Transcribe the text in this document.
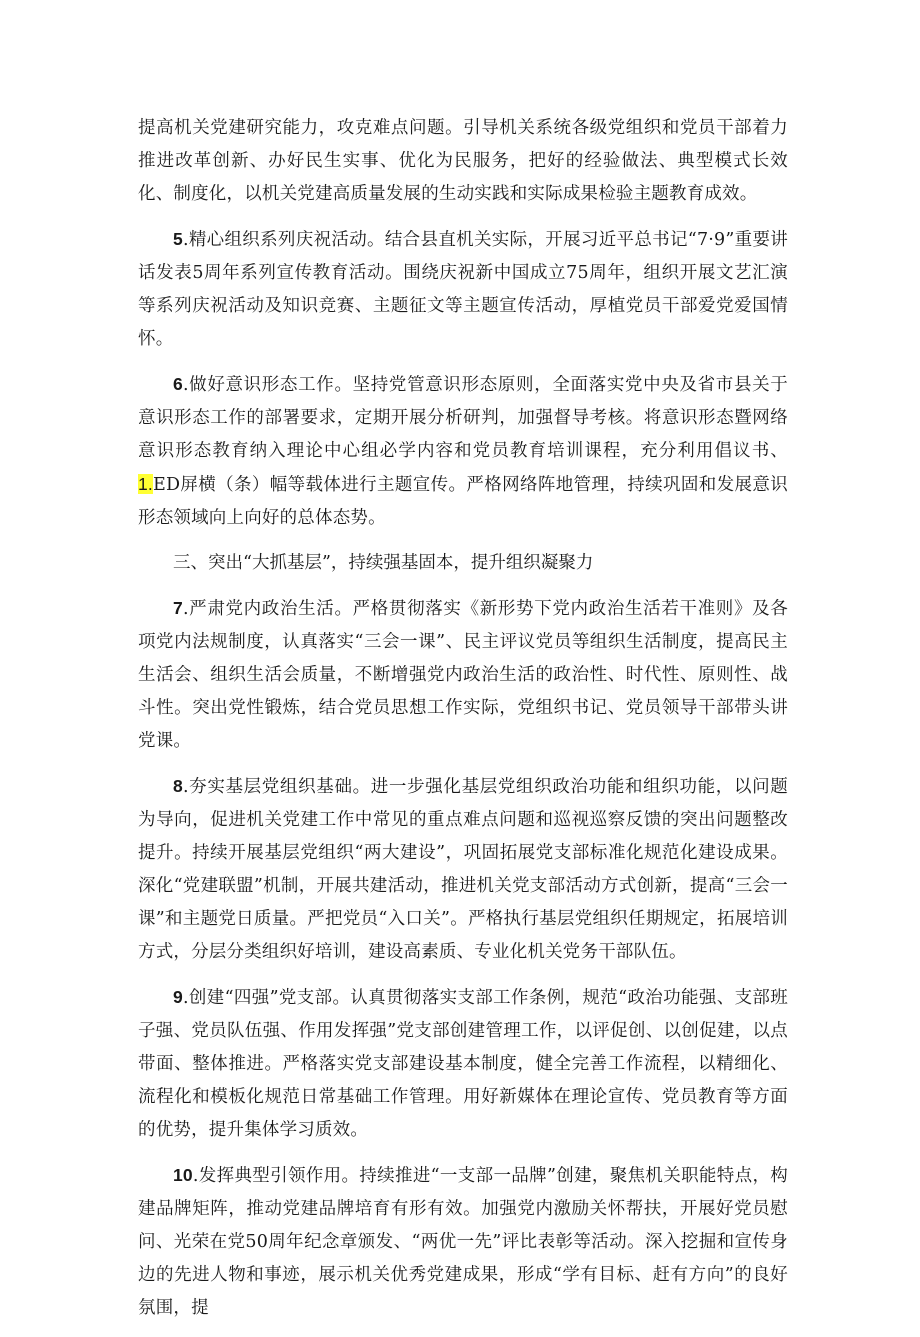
提高机关党建研究能力，攻克难点问题。引导机关系统各级党组织和党员干部着力推进改革创新、办好民生实事、优化为民服务，把好的经验做法、典型模式长效化、制度化，以机关党建高质量发展的生动实践和实际成果检验主题教育成效。

5.精心组织系列庆祝活动。结合县直机关实际，开展习近平总书记“7·9”重要讲话发表5周年系列宣传教育活动。围绕庆祝新中国成立75周年，组织开展文艺汇演等系列庆祝活动及知识竞赛、主题征文等主题宣传活动，厚植党员干部爱党爱国情怀。

6.做好意识形态工作。坚持党管意识形态原则，全面落实党中央及省市县关于意识形态工作的部署要求，定期开展分析研判，加强督导考核。将意识形态暨网络意识形态教育纳入理论中心组必学内容和党员教育培训课程，充分利用倡议书、1.ED屏横（条）幅等载体进行主题宣传。严格网络阵地管理，持续巩固和发展意识形态领域向上向好的总体态势。

三、突出“大抓基层”，持续强基固本，提升组织凝聚力

7.严肃党内政治生活。严格贯彻落实《新形势下党内政治生活若干准则》及各项党内法规制度，认真落实“三会一课”、民主评议党员等组织生活制度，提高民主生活会、组织生活会质量，不断增强党内政治生活的政治性、时代性、原则性、战斗性。突出党性锻炼，结合党员思想工作实际，党组织书记、党员领导干部带头讲党课。

8.夯实基层党组织基础。进一步强化基层党组织政治功能和组织功能，以问题为导向，促进机关党建工作中常见的重点难点问题和巡视巡察反馈的突出问题整改提升。持续开展基层党组织“两大建设”，巩固拓展党支部标准化规范化建设成果。深化“党建联盟”机制，开展共建活动，推进机关党支部活动方式创新，提高“三会一课”和主题党日质量。严把党员“入口关”。严格执行基层党组织任期规定，拓展培训方式，分层分类组织好培训，建设高素质、专业化机关党务干部队伍。

9.创建“四强”党支部。认真贯彻落实支部工作条例，规范“政治功能强、支部班子强、党员队伍强、作用发挥强”党支部创建管理工作，以评促创、以创促建，以点带面、整体推进。严格落实党支部建设基本制度，健全完善工作流程，以精细化、流程化和模板化规范日常基础工作管理。用好新媒体在理论宣传、党员教育等方面的优势，提升集体学习质效。

10.发挥典型引领作用。持续推进“一支部一品牌”创建，聚焦机关职能特点，构建品牌矩阵，推动党建品牌培育有形有效。加强党内激励关怀帮扶，开展好党员慰问、光荣在党50周年纪念章颁发、“两优一先”评比表彰等活动。深入挖掘和宣传身边的先进人物和事迹，展示机关优秀党建成果，形成“学有目标、赶有方向”的良好氛围，提
